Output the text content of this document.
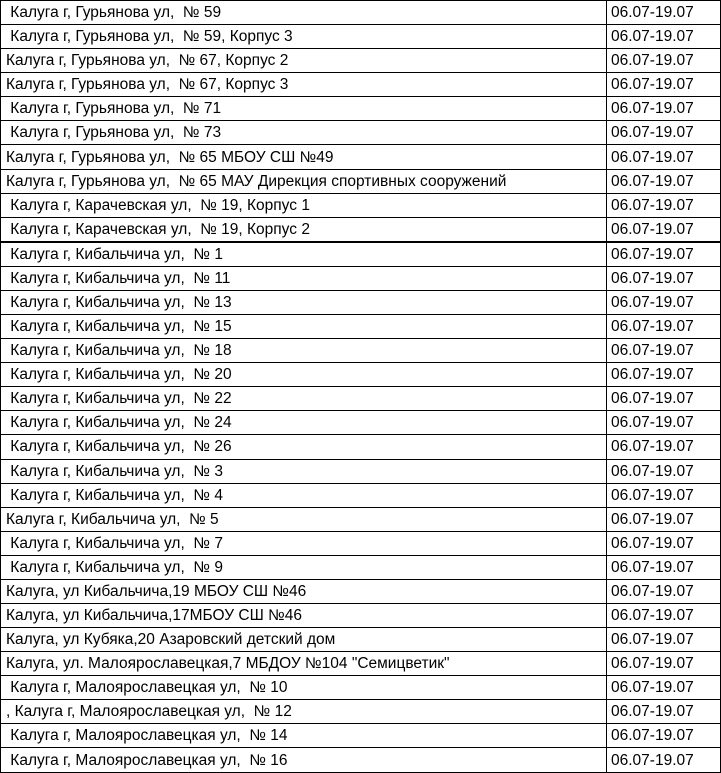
Калуга г, Гурьянова ул,  № 59	06.07-19.07
Калуга г, Гурьянова ул,  № 59, Корпус 3	06.07-19.07
Калуга г, Гурьянова ул,  № 67, Корпус 2	06.07-19.07
Калуга г, Гурьянова ул,  № 67, Корпус 3	06.07-19.07
Калуга г, Гурьянова ул,  № 71	06.07-19.07
Калуга г, Гурьянова ул,  № 73	06.07-19.07
Калуга г, Гурьянова ул,  № 65 МБОУ СШ №49	06.07-19.07
Калуга г, Гурьянова ул,  № 65 МАУ Дирекция спортивных сооружений	06.07-19.07
Калуга г, Карачевская ул,  № 19, Корпус 1	06.07-19.07
Калуга г, Карачевская ул,  № 19, Корпус 2	06.07-19.07
Калуга г, Кибальчича ул,  № 1	06.07-19.07
Калуга г, Кибальчича ул,  № 11	06.07-19.07
Калуга г, Кибальчича ул,  № 13	06.07-19.07
Калуга г, Кибальчича ул,  № 15	06.07-19.07
Калуга г, Кибальчича ул,  № 18	06.07-19.07
Калуга г, Кибальчича ул,  № 20	06.07-19.07
Калуга г, Кибальчича ул,  № 22	06.07-19.07
Калуга г, Кибальчича ул,  № 24	06.07-19.07
Калуга г, Кибальчича ул,  № 26	06.07-19.07
Калуга г, Кибальчича ул,  № 3	06.07-19.07
Калуга г, Кибальчича ул,  № 4	06.07-19.07
Калуга г, Кибальчича ул,  № 5	06.07-19.07
Калуга г, Кибальчича ул,  № 7	06.07-19.07
Калуга г, Кибальчича ул,  № 9	06.07-19.07
Калуга, ул Кибальчича,19 МБОУ СШ №46	06.07-19.07
Калуга, ул Кибальчича,17МБОУ СШ №46	06.07-19.07
Калуга, ул Кубяка,20 Азаровский детский дом	06.07-19.07
Калуга, ул. Малоярославецкая,7 МБДОУ №104 "Семицветик"	06.07-19.07
Калуга г, Малоярославецкая ул,  № 10	06.07-19.07
, Калуга г, Малоярославецкая ул,  № 12	06.07-19.07
Калуга г, Малоярославецкая ул,  № 14	06.07-19.07
Калуга г, Малоярославецкая ул,  № 16	06.07-19.07
